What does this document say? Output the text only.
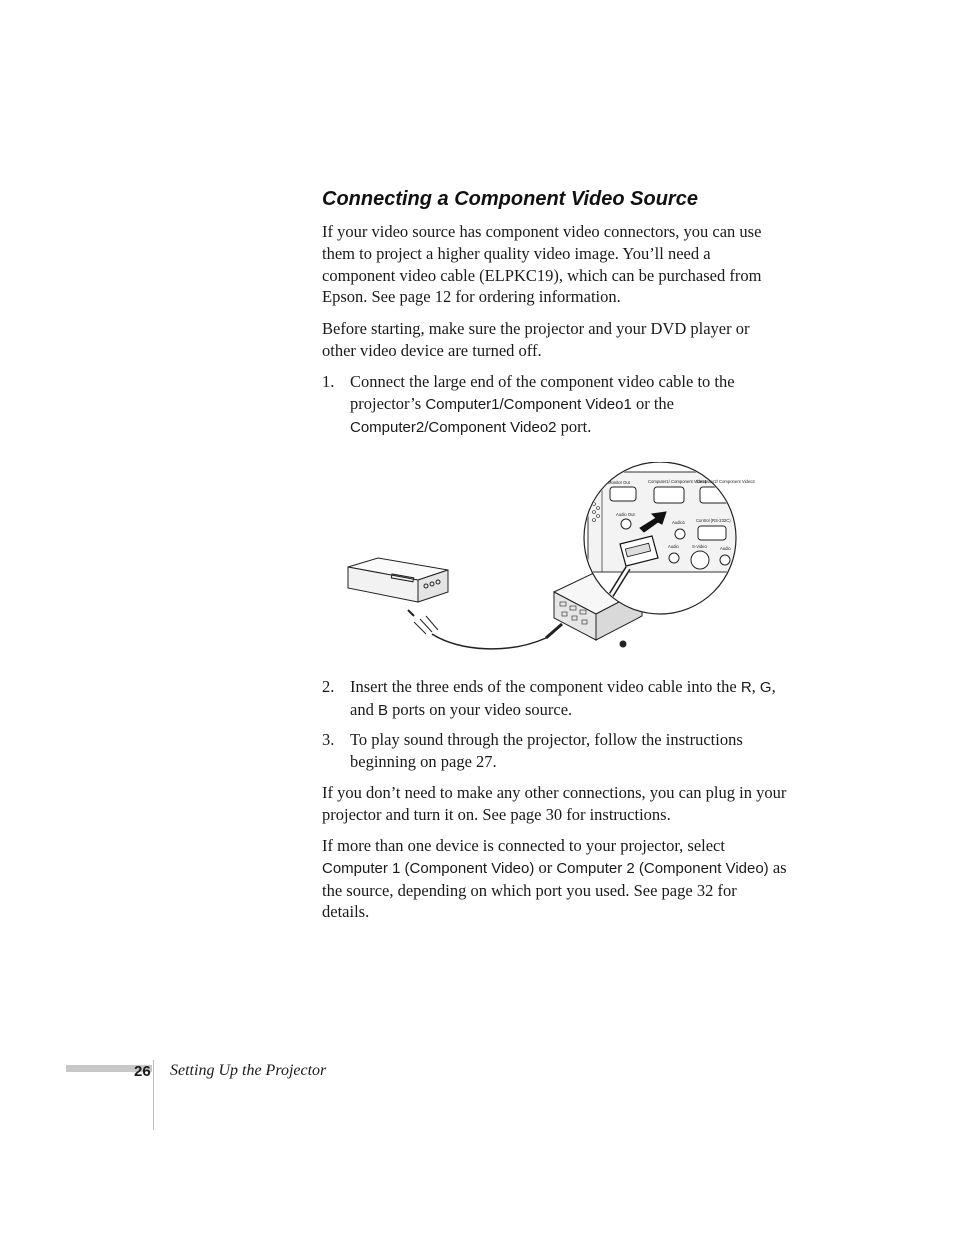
Connecting a Component Video Source

If your video source has component video connectors, you can use them to project a higher quality video image. You’ll need a component video cable (ELPKC19), which can be purchased from Epson. See page 12 for ordering information.

Before starting, make sure the projector and your DVD player or other video device are turned off.

1. Connect the large end of the component video cable to the projector’s Computer1/Component Video1 or the Computer2/Component Video2 port.

Monitor Out	Computer1/ Component Video1
Computer2/ Component Video2
Audio Out
Audio1	Control (RS-232C)
Audio	S-Video	Audio
2. Insert the three ends of the component video cable into the R, G, and B ports on your video source.

3. To play sound through the projector, follow the instructions beginning on page 27.

If you don’t need to make any other connections, you can plug in your projector and turn it on. See page 30 for instructions.

If more than one device is connected to your projector, select Computer 1 (Component Video) or Computer 2 (Component Video) as the source, depending on which port you used. See page 32 for details.

26 Setting Up the Projector
